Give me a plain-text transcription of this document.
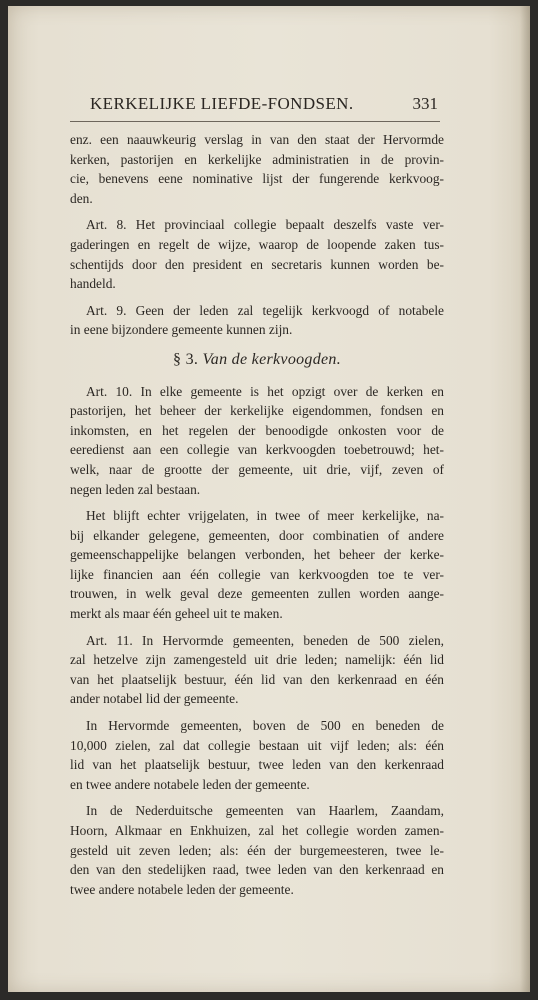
KERKELIJKE LIEFDE-FONDSEN.	331

enz. een naauwkeurig verslag in van den staat der Hervormde
kerken, pastorijen en kerkelijke administratien in de provin-
cie, benevens eene nominative lijst der fungerende kerkvoog-
den.

Art. 8. Het provinciaal collegie bepaalt deszelfs vaste ver-
gaderingen en regelt de wijze, waarop de loopende zaken tus-
schentijds door den president en secretaris kunnen worden be-
handeld.

Art. 9. Geen der leden zal tegelijk kerkvoogd of notabele
in eene bijzondere gemeente kunnen zijn.

§ 3. Van de kerkvoogden.

Art. 10. In elke gemeente is het opzigt over de kerken en
pastorijen, het beheer der kerkelijke eigendommen, fondsen en
inkomsten, en het regelen der benoodigde onkosten voor de
eeredienst aan een collegie van kerkvoogden toebetrouwd; het-
welk, naar de grootte der gemeente, uit drie, vijf, zeven of
negen leden zal bestaan.

Het blijft echter vrijgelaten, in twee of meer kerkelijke, na-
bij elkander gelegene, gemeenten, door combinatien of andere
gemeenschappelijke belangen verbonden, het beheer der kerke-
lijke financien aan één collegie van kerkvoogden toe te ver-
trouwen, in welk geval deze gemeenten zullen worden aange-
merkt als maar één geheel uit te maken.

Art. 11. In Hervormde gemeenten, beneden de 500 zielen,
zal hetzelve zijn zamengesteld uit drie leden; namelijk: één lid
van het plaatselijk bestuur, één lid van den kerkenraad en één
ander notabel lid der gemeente.

In Hervormde gemeenten, boven de 500 en beneden de
10,000 zielen, zal dat collegie bestaan uit vijf leden; als: één
lid van het plaatselijk bestuur, twee leden van den kerkenraad
en twee andere notabele leden der gemeente.

In de Nederduitsche gemeenten van Haarlem, Zaandam,
Hoorn, Alkmaar en Enkhuizen, zal het collegie worden zamen-
gesteld uit zeven leden; als: één der burgemeesteren, twee le-
den van den stedelijken raad, twee leden van den kerkenraad en
twee andere notabele leden der gemeente.
